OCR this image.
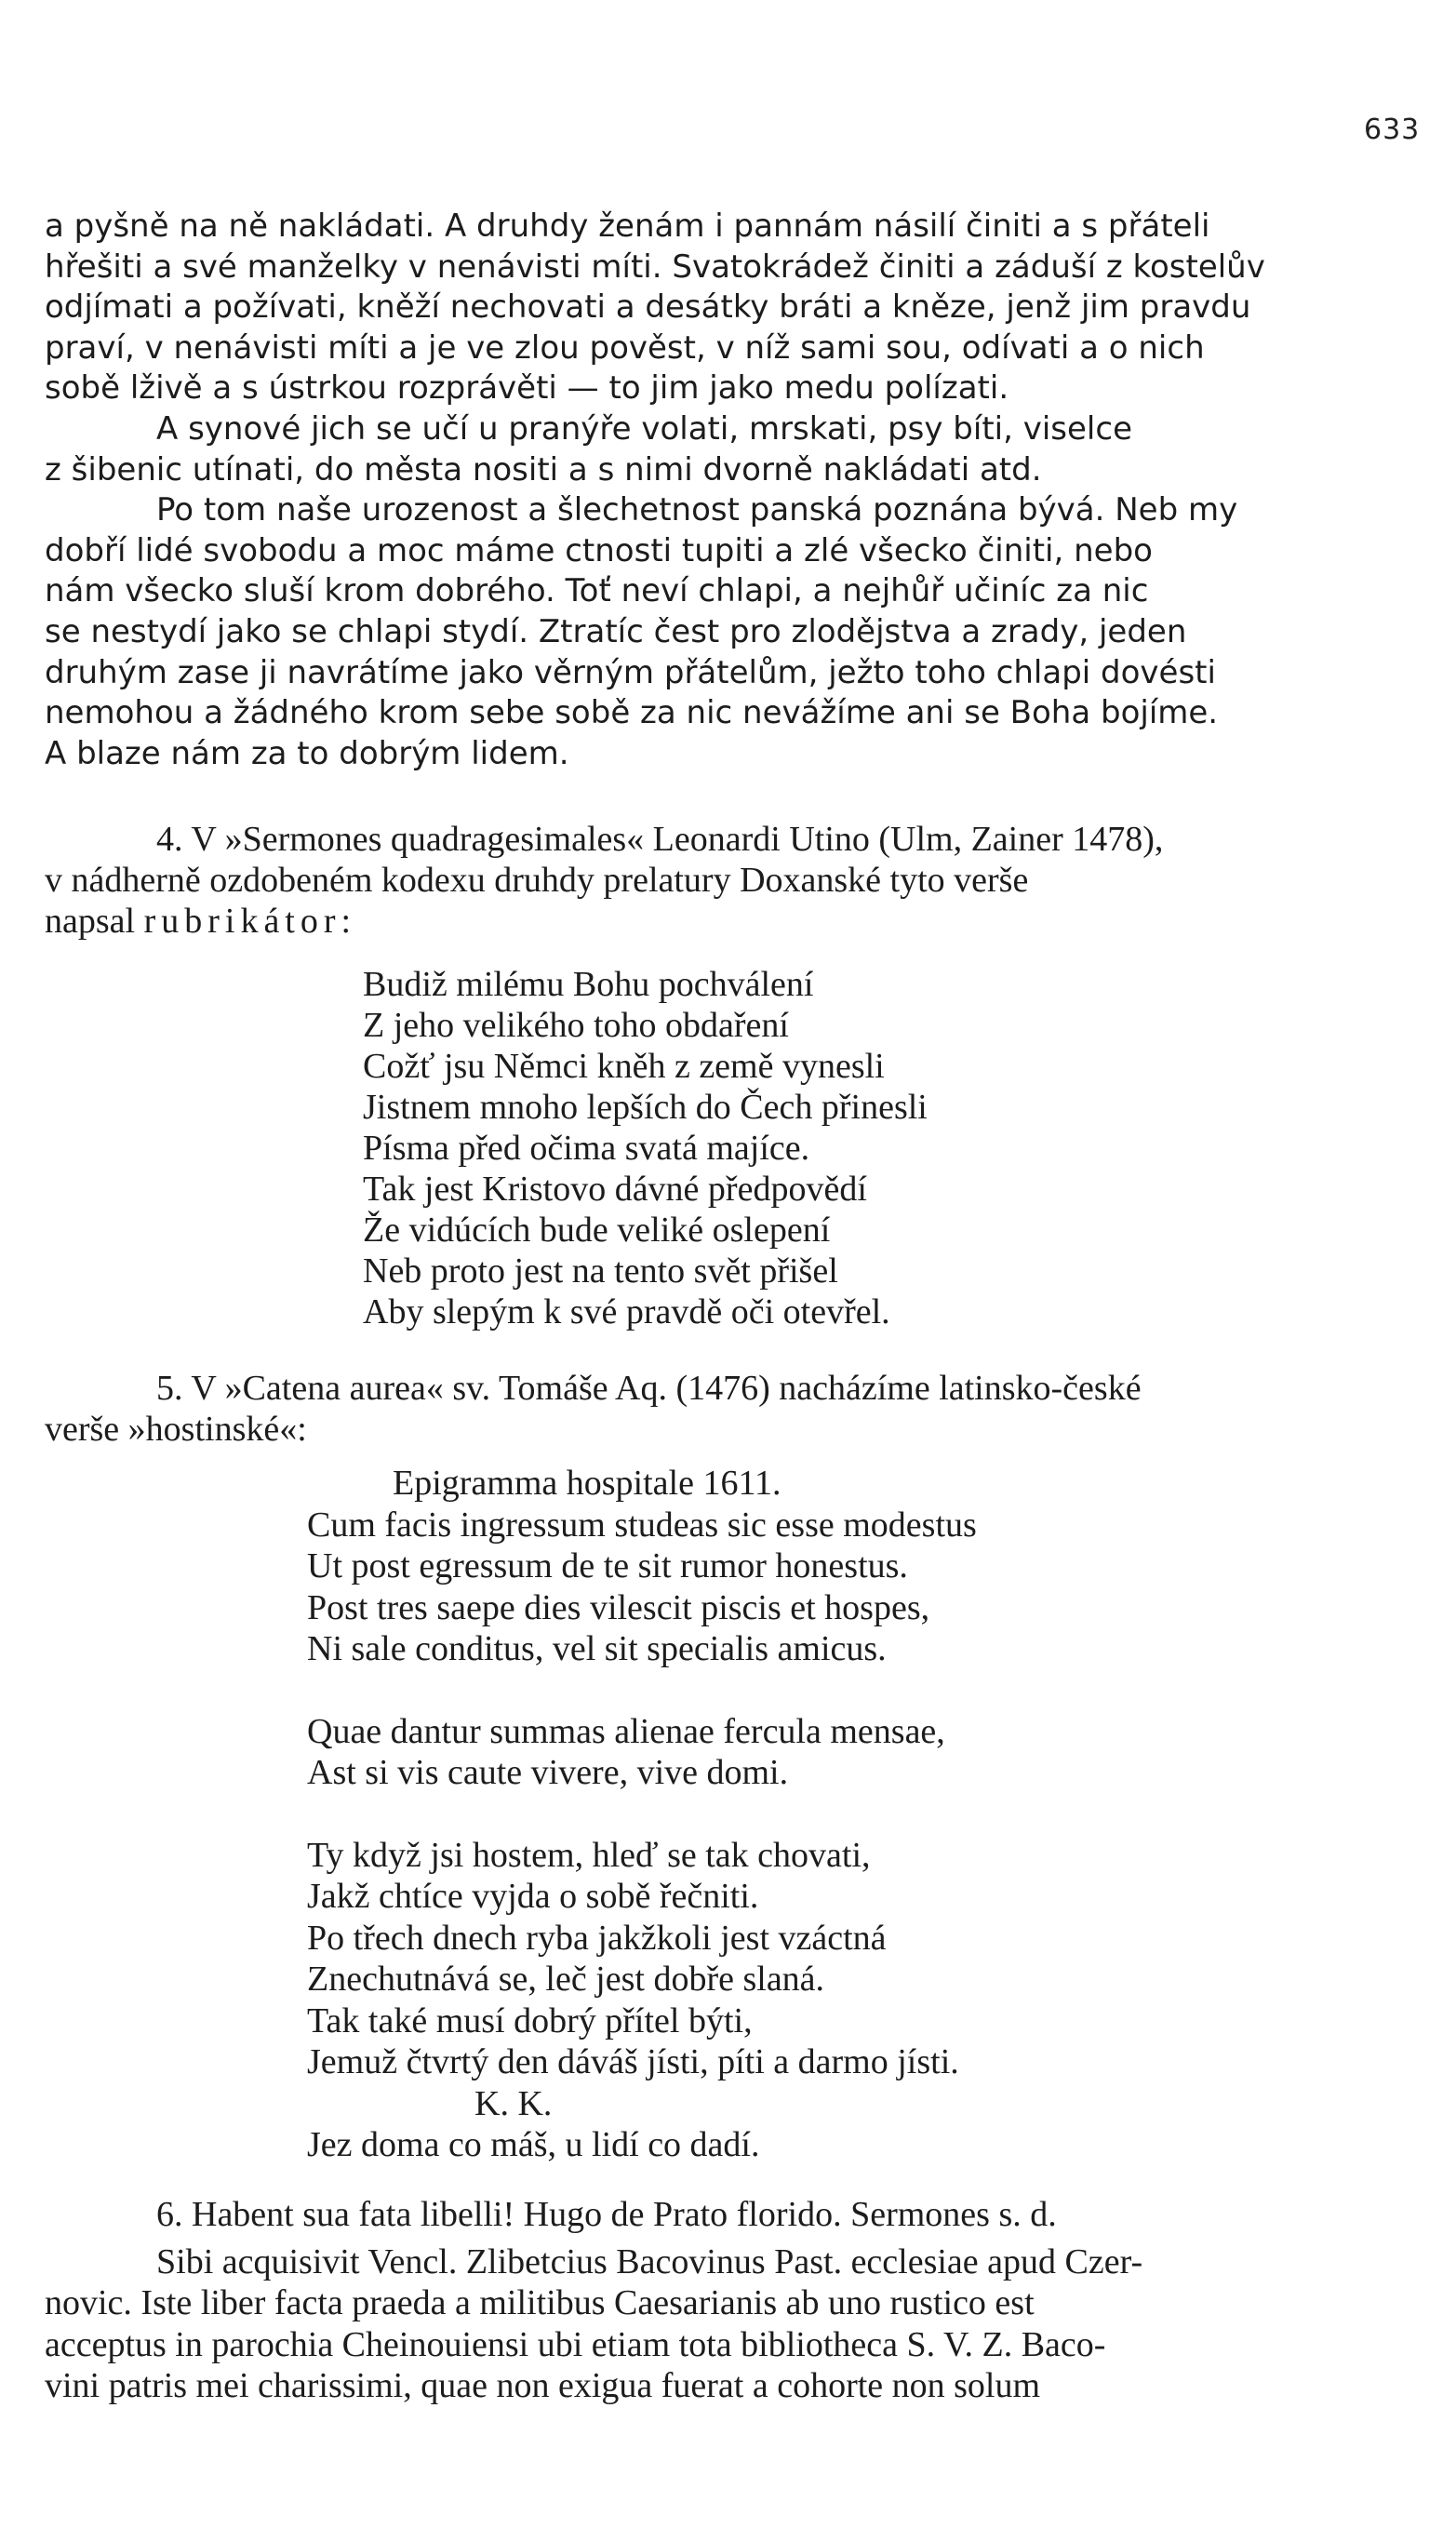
633
a pyšně na ně nakládati. A druhdy ženám i pannám násilí činiti a s přáteli
hřešiti a své manželky v nenávisti míti. Svatokrádež činiti a záduší z kostelův
odjímati a požívati, kněží nechovati a desátky bráti a kněze, jenž jim pravdu
praví, v nenávisti míti a je ve zlou pověst, v níž sami sou, odívati a o nich
sobě lživě a s ústrkou rozprávěti — to jim jako medu polízati.
A synové jich se učí u pranýře volati, mrskati, psy bíti, viselce
z šibenic utínati, do města nositi a s nimi dvorně nakládati atd.
Po tom naše urozenost a šlechetnost panská poznána bývá. Neb my
dobří lidé svobodu a moc máme ctnosti tupiti a zlé všecko činiti, nebo
nám všecko sluší krom dobrého. Toť neví chlapi, a nejhůř učiníc za nic
se nestydí jako se chlapi stydí. Ztratíc čest pro zlodějstva a zrady, jeden
druhým zase ji navrátíme jako věrným přátelům, ježto toho chlapi dovésti
nemohou a žádného krom sebe sobě za nic nevážíme ani se Boha bojíme.
A blaze nám za to dobrým lidem.
4. V »Sermones quadragesimales« Leonardi Utino (Ulm, Zainer 1478),
v nádherně ozdobeném kodexu druhdy prelatury Doxanské tyto verše
napsal rubrikátor:
Budiž milému Bohu pochválení
Z jeho velikého toho obdaření
Cožť jsu Němci kněh z země vynesli
Jistnem mnoho lepších do Čech přinesli
Písma před očima svatá majíce.
Tak jest Kristovo dávné předpovědí
Že vidúcích bude veliké oslepení
Neb proto jest na tento svět přišel
Aby slepým k své pravdě oči otevřel.
5. V »Catena aurea« sv. Tomáše Aq. (1476) nacházíme latinsko-české
verše »hostinské«:
Epigramma hospitale 1611.
Cum facis ingressum studeas sic esse modestus
Ut post egressum de te sit rumor honestus.
Post tres saepe dies vilescit piscis et hospes,
Ni sale conditus, vel sit specialis amicus.
Quae dantur summas alienae fercula mensae,
Ast si vis caute vivere, vive domi.
Ty když jsi hostem, hleď se tak chovati,
Jakž chtíce vyjda o sobě řečniti.
Po třech dnech ryba jakžkoli jest vzáctná
Znechutnává se, leč jest dobře slaná.
Tak také musí dobrý přítel býti,
Jemuž čtvrtý den dáváš jísti, píti a darmo jísti.
K. K.
Jez doma co máš, u lidí co dadí.
6. Habent sua fata libelli! Hugo de Prato florido. Sermones s. d.
Sibi acquisivit Vencl. Zlibetcius Bacovinus Past. ecclesiae apud Czer-
novic. Iste liber facta praeda a militibus Caesarianis ab uno rustico est
acceptus in parochia Cheinouiensi ubi etiam tota bibliotheca S. V. Z. Baco-
vini patris mei charissimi, quae non exigua fuerat a cohorte non solum
